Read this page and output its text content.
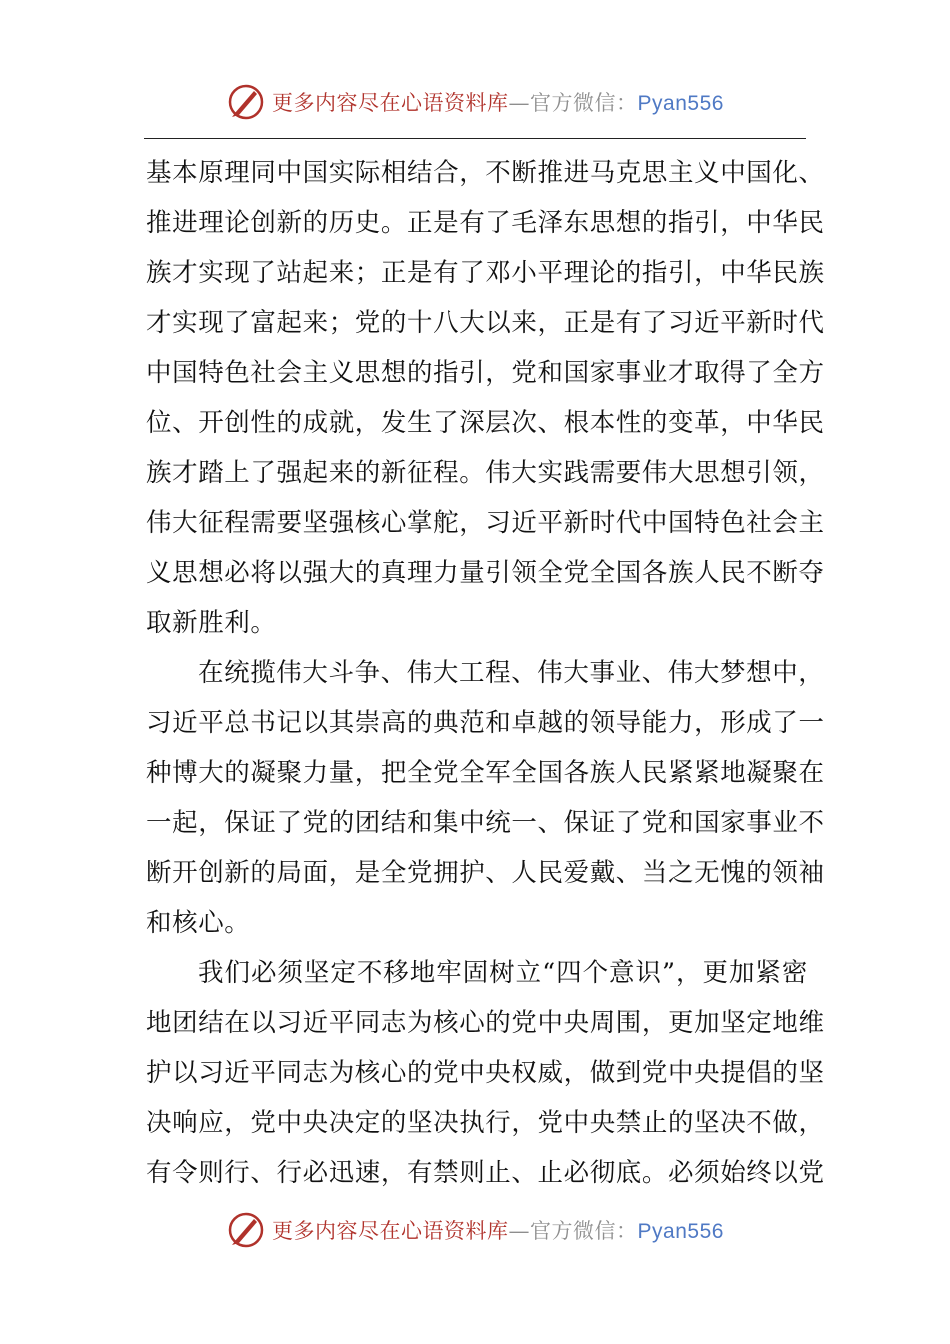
更多内容尽在心语资料库—官方微信：Pyan556
基本原理同中国实际相结合，不断推进马克思主义中国化、
推进理论创新的历史。正是有了毛泽东思想的指引，中华民
族才实现了站起来；正是有了邓小平理论的指引，中华民族
才实现了富起来；党的十八大以来，正是有了习近平新时代
中国特色社会主义思想的指引，党和国家事业才取得了全方
位、开创性的成就，发生了深层次、根本性的变革，中华民
族才踏上了强起来的新征程。伟大实践需要伟大思想引领，
伟大征程需要坚强核心掌舵，习近平新时代中国特色社会主
义思想必将以强大的真理力量引领全党全国各族人民不断夺
取新胜利。
在统揽伟大斗争、伟大工程、伟大事业、伟大梦想中，
习近平总书记以其崇高的典范和卓越的领导能力，形成了一
种博大的凝聚力量，把全党全军全国各族人民紧紧地凝聚在
一起，保证了党的团结和集中统一、保证了党和国家事业不
断开创新的局面，是全党拥护、人民爱戴、当之无愧的领袖
和核心。
我们必须坚定不移地牢固树立“四个意识”，更加紧密
地团结在以习近平同志为核心的党中央周围，更加坚定地维
护以习近平同志为核心的党中央权威，做到党中央提倡的坚
决响应，党中央决定的坚决执行，党中央禁止的坚决不做，
有令则行、行必迅速，有禁则止、止必彻底。必须始终以党
更多内容尽在心语资料库—官方微信：Pyan556
